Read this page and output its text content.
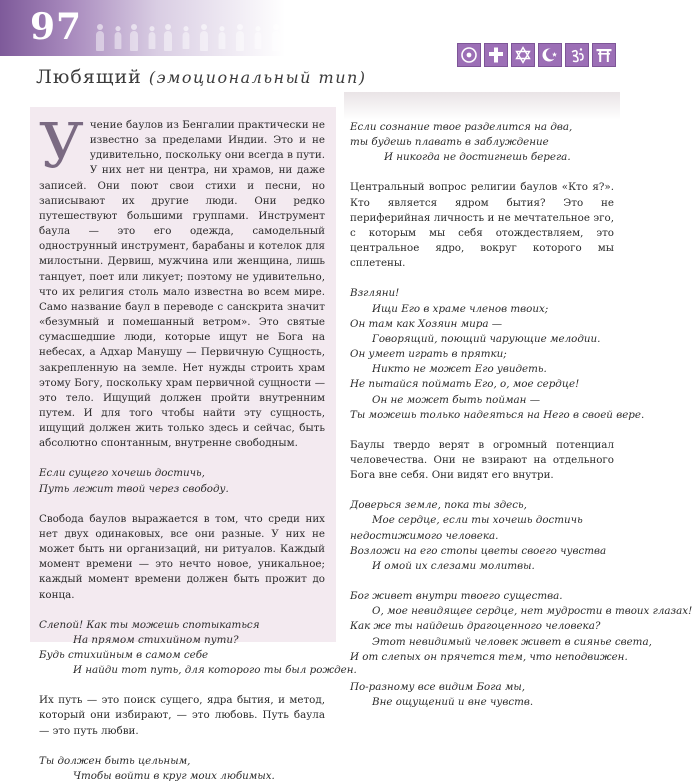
97
Любящий (эмоциональный тип)

Учение баулов из Бенгалии практически не известно за пределами Индии. Это и не удивительно, поскольку они всегда в пути. У них нет ни центра, ни храмов, ни даже записей. Они поют свои стихи и песни, но записывают их другие люди. Они редко путешествуют большими группами. Инструмент баула — это его одежда, самодельный однострунный инструмент, барабаны и котелок для милостыни. Дервиш, мужчина или женщина, лишь танцует, поет или ликует; поэтому не удивительно, что их религия столь мало известна во всем мире. Само название баул в переводе с санскрита значит «безумный и помешанный ветром». Это святые сумасшедшие люди, которые ищут не Бога на небесах, а Адхар Манушу — Первичную Сущность, закрепленную на земле. Нет нужды строить храм этому Богу, поскольку храм первичной сущности — это тело. Ищущий должен пройти внутренним путем. И для того чтобы найти эту сущность, ищущий должен жить только здесь и сейчас, быть абсолютно спонтанным, внутренне свободным.

Если сущего хочешь достичь,
Путь лежит твой через свободу.

Свобода баулов выражается в том, что среди них нет двух одинаковых, все они разные. У них не может быть ни организаций, ни ритуалов. Каждый момент времени — это нечто новое, уникальное; каждый момент времени должен быть прожит до конца.

Слепой! Как ты можешь спотыкаться
На прямом стихийном пути?
Будь стихийным в самом себе
И найди тот путь, для которого ты был рожден.

Их путь — это поиск сущего, ядра бытия, и метод, который они избирают, — это любовь. Путь баула — это путь любви.

Ты должен быть цельным,
Чтобы войти в круг моих любимых.
Если сознание твое разделится на два,
ты будешь плавать в заблуждение
И никогда не достигнешь берега.

Центральный вопрос религии баулов «Кто я?». Кто является ядром бытия? Это не периферийная личность и не мечтательное эго, с которым мы себя отождествляем, это центральное ядро, вокруг которого мы сплетены.

Взгляни!
Ищи Его в храме членов твоих;
Он там как Хозяин мира —
Говорящий, поющий чарующие мелодии.
Он умеет играть в прятки;
Никто не может Его увидеть.
Не пытайся поймать Его, о, мое сердце!
Он не может быть пойман —
Ты можешь только надеяться на Него в своей вере.

Баулы твердо верят в огромный потенциал человечества. Они не взирают на отдельного Бога вне себя. Они видят его внутри.

Доверься земле, пока ты здесь,
Мое сердце, если ты хочешь достичь
недостижимого человека.
Возложи на его стопы цветы своего чувства
И омой их слезами молитвы.
Бог живет внутри твоего существа.
О, мое невидящее сердце, нет мудрости в твоих глазах!
Как же ты найдешь драгоценного человека?
Этот невидимый человек живет в сиянье света,
И от слепых он прячется тем, что неподвижен.
По-разному все видим Бога мы,
Вне ощущений и вне чувств.
